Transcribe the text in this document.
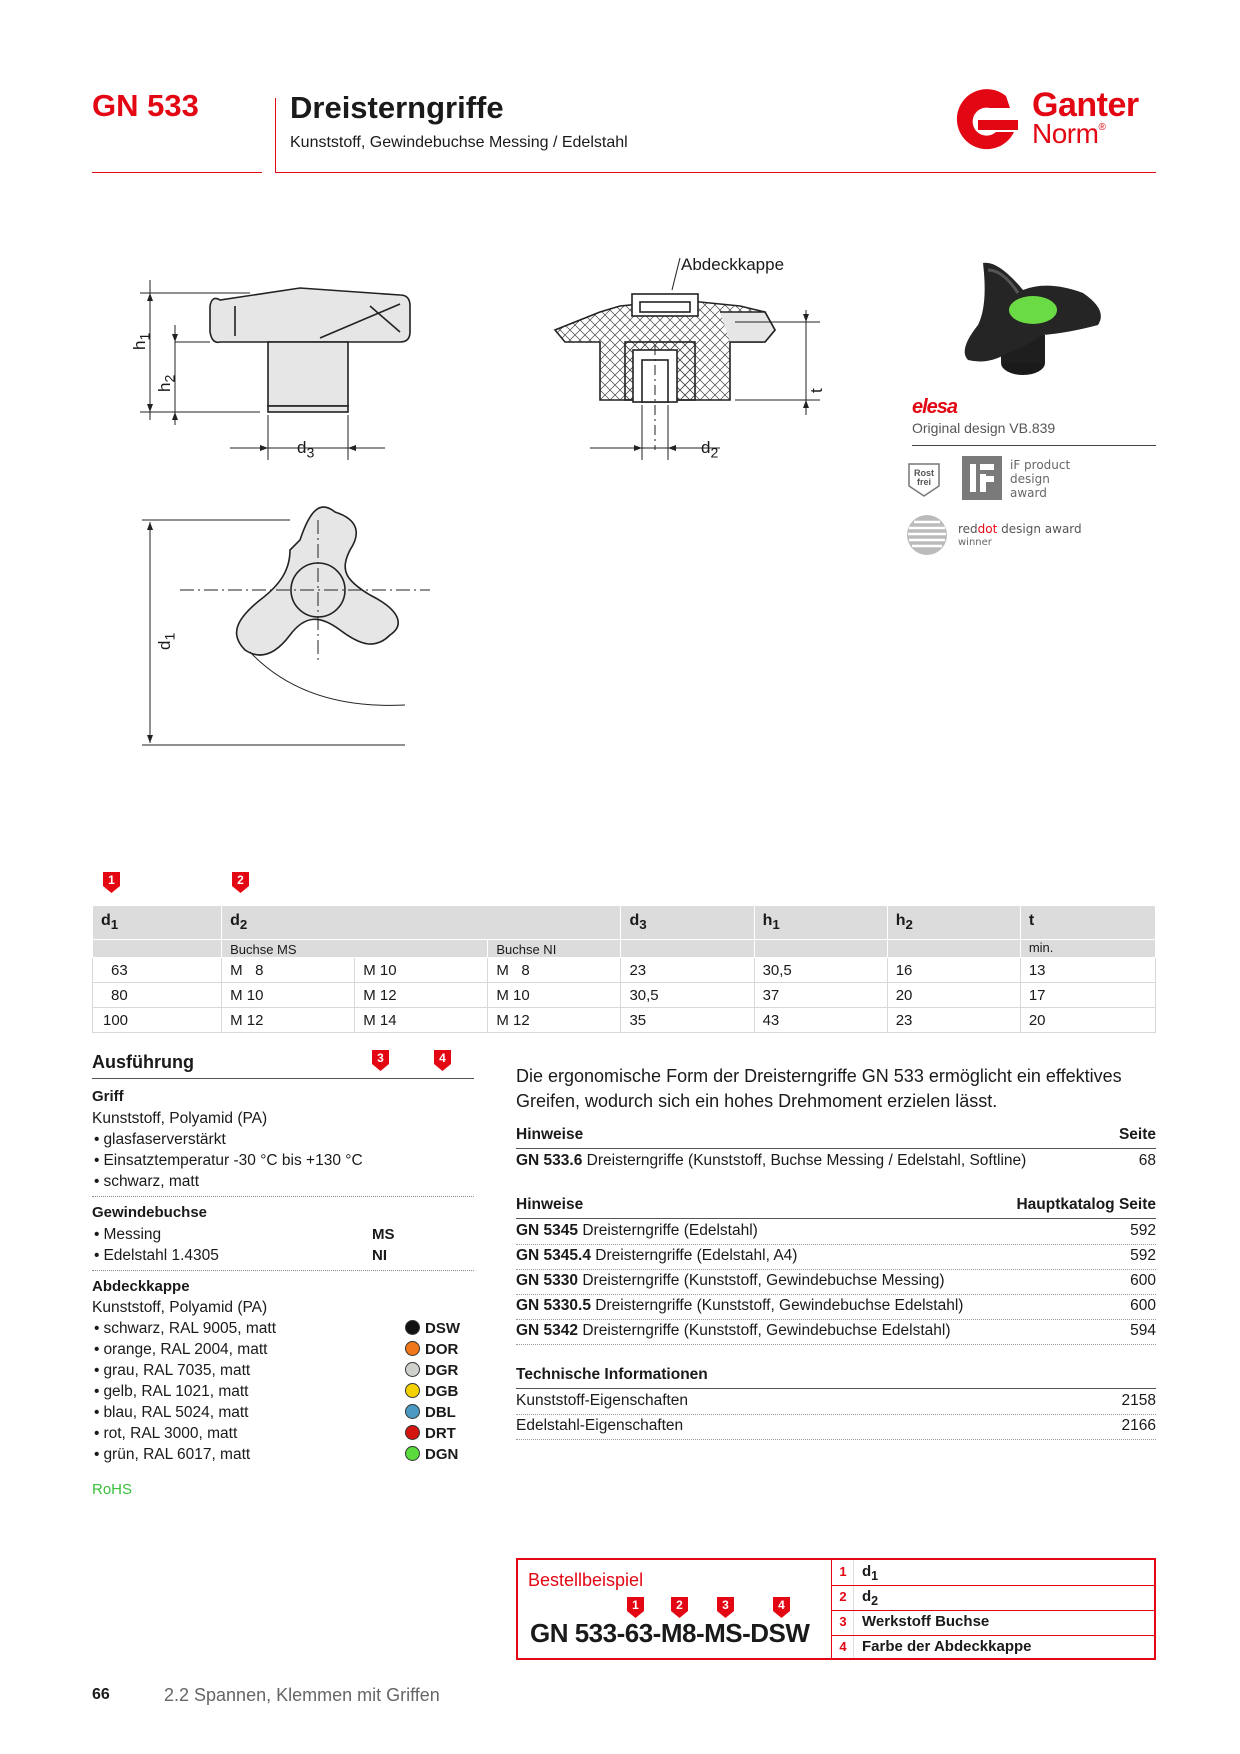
GN 533	Dreisterngriffe
Kunststoff, Gewindebuchse Messing / Edelstahl
Ganter
Norm®
Abdeckkappe
$h_1$
$h_2$
$d_3$	$d_2$
t
$d_1$
elesa
Original design VB.839
Rost frei
iF product
design
award
reddot design award
winner
1	2
$d_1$	$d_2$			$d_3$	$h_1$	$h_2$	t
	Buchse MS		Buchse NI				min.
63	M   8	M 10	M   8	23	30,5	16	13
80	M 10	M 12	M 10	30,5	37	20	17
100	M 12	M 14	M 12	35	43	23	20
Ausführung	3	4
Griff
Kunststoff, Polyamid (PA)
• glasfaserverstärkt
• Einsatztemperatur -30 °C bis +130 °C
• schwarz, matt
Gewindebuchse
• Messing	MS
• Edelstahl 1.4305	NI
Abdeckkappe
Kunststoff, Polyamid (PA)
• schwarz, RAL 9005, matt	DSW
• orange, RAL 2004, matt	DOR
• grau, RAL 7035, matt	DGR
• gelb, RAL 1021, matt	DGB
• blau, RAL 5024, matt	DBL
• rot, RAL 3000, matt	DRT
• grün, RAL 6017, matt	DGN
RoHS
Die ergonomische Form der Dreisterngriffe GN 533 ermöglicht ein effektives Greifen, wodurch sich ein hohes Drehmoment erzielen lässt.
Hinweise	Seite
GN 533.6 Dreisterngriffe (Kunststoff, Buchse Messing / Edelstahl, Softline)	68
Hinweise	Hauptkatalog Seite
GN 5345 Dreisterngriffe (Edelstahl)	592
GN 5345.4 Dreisterngriffe (Edelstahl, A4)	592
GN 5330 Dreisterngriffe (Kunststoff, Gewindebuchse Messing)	600
GN 5330.5 Dreisterngriffe (Kunststoff, Gewindebuchse Edelstahl)	600
GN 5342 Dreisterngriffe (Kunststoff, Gewindebuchse Edelstahl)	594
Technische Informationen
Kunststoff-Eigenschaften	2158
Edelstahl-Eigenschaften	2166
Bestellbeispiel
GN 533-63-M8-MS-DSW
1	2	3	4
1	$d_1$
2	$d_2$
3	Werkstoff Buchse
4	Farbe der Abdeckkappe
66	2.2 Spannen, Klemmen mit Griffen
